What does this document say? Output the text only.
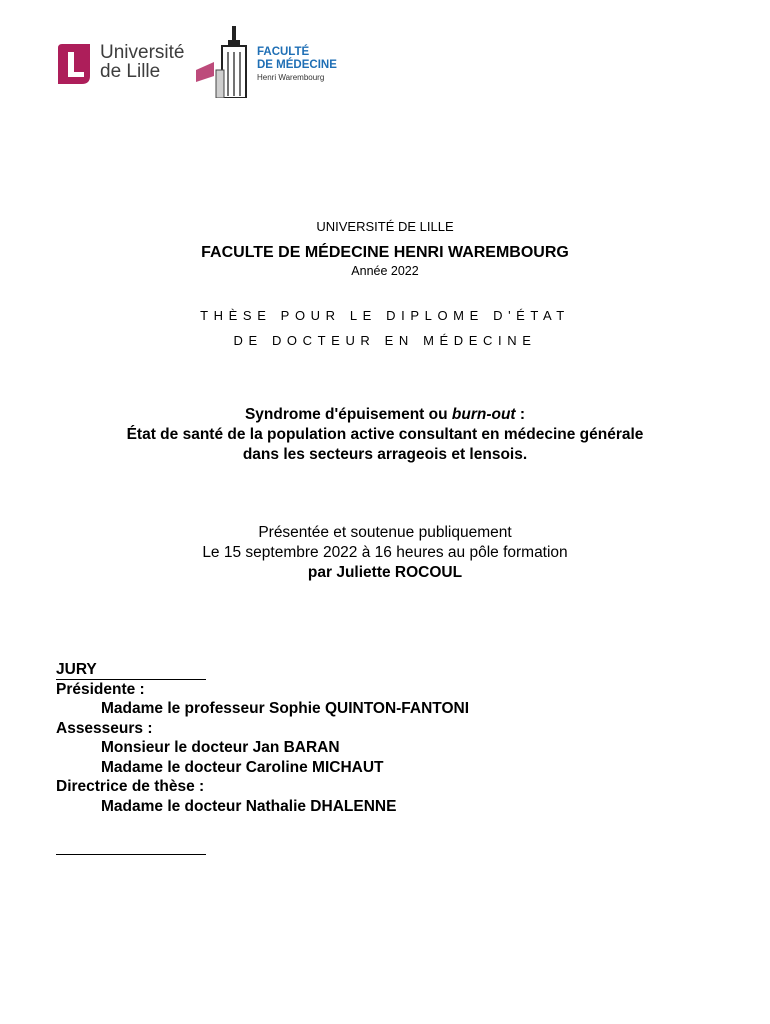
Université
de Lille
FACULTÉ
DE MÉDECINE
Henri Warembourg
UNIVERSITÉ DE LILLE
FACULTE DE MÉDECINE HENRI WAREMBOURG
Année 2022
THÈSE POUR LE DIPLOME D'ÉTAT
DE DOCTEUR EN MÉDECINE
Syndrome d'épuisement ou burn-out :
État de santé de la population active consultant en médecine générale
dans les secteurs arrageois et lensois.
Présentée et soutenue publiquement
Le 15 septembre 2022 à 16 heures au pôle formation
par Juliette ROCOUL
JURY
Présidente :
Madame le professeur Sophie QUINTON-FANTONI
Assesseurs :
Monsieur le docteur Jan BARAN
Madame le docteur Caroline MICHAUT
Directrice de thèse :
Madame le docteur Nathalie DHALENNE
